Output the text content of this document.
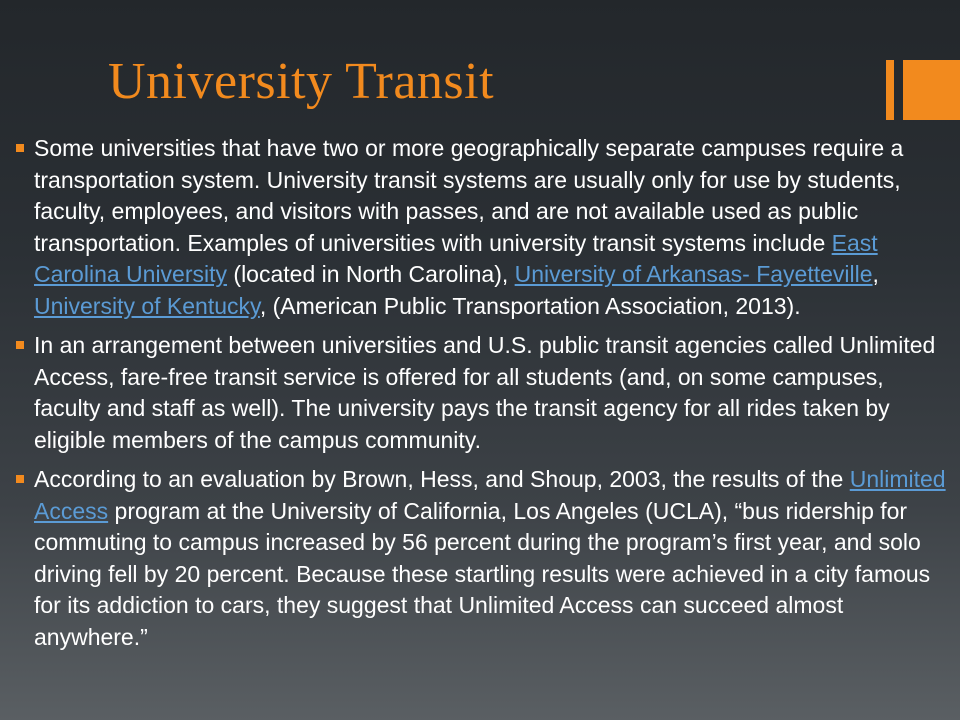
University Transit
Some universities that have two or more geographically separate campuses require a transportation system. University transit systems are usually only for use by students, faculty, employees, and visitors with passes, and are not available used as public transportation. Examples of universities with university transit systems include East Carolina University (located in North Carolina), University of Arkansas- Fayetteville, University of Kentucky, (American Public Transportation Association, 2013).
In an arrangement between universities and U.S. public transit agencies called Unlimited Access, fare-free transit service is offered for all students (and, on some campuses, faculty and staff as well). The university pays the transit agency for all rides taken by eligible members of the campus community.
According to an evaluation by Brown, Hess, and Shoup, 2003, the results of the Unlimited Access program at the University of California, Los Angeles (UCLA), “bus ridership for commuting to campus increased by 56 percent during the program’s first year, and solo driving fell by 20 percent. Because these startling results were achieved in a city famous for its addiction to cars, they suggest that Unlimited Access can succeed almost anywhere.”
